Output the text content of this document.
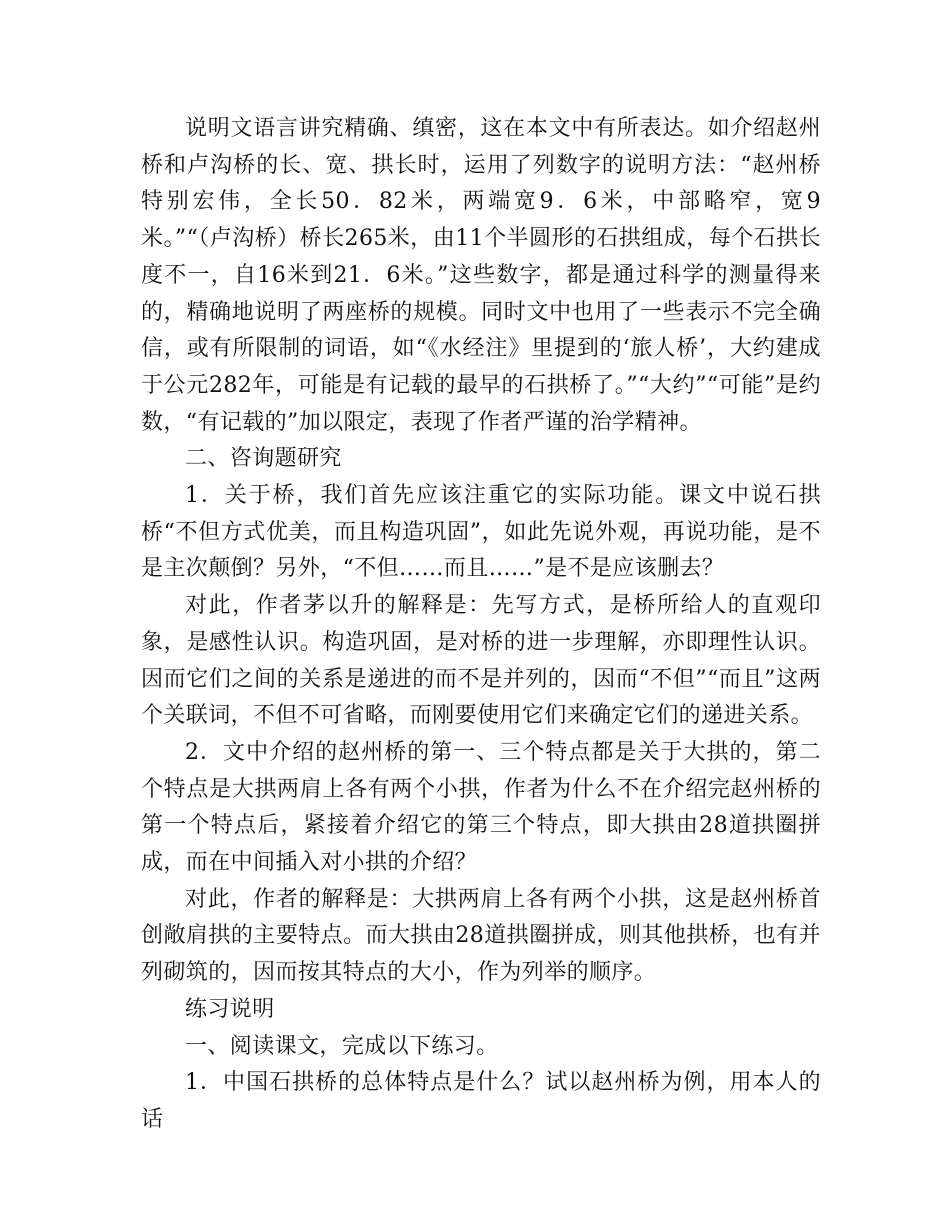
说明文语言讲究精确、缜密，这在本文中有所表达。如介绍赵州桥和卢沟桥的长、宽、拱长时，运用了列数字的说明方法：“赵州桥特别宏伟，全长50．82米，两端宽9．6米，中部略窄，宽9米。”“（卢沟桥）桥长265米，由11个半圆形的石拱组成，每个石拱长度不一，自16米到21．6米。”这些数字，都是通过科学的测量得来的，精确地说明了两座桥的规模。同时文中也用了一些表示不完全确信，或有所限制的词语，如“《水经注》里提到的‘旅人桥’，大约建成于公元282年，可能是有记载的最早的石拱桥了。”“大约”“可能”是约数，“有记载的”加以限定，表现了作者严谨的治学精神。

二、咨询题研究

1．关于桥，我们首先应该注重它的实际功能。课文中说石拱桥“不但方式优美，而且构造巩固”，如此先说外观，再说功能，是不是主次颠倒？另外，“不但……而且……”是不是应该删去？

对此，作者茅以升的解释是：先写方式，是桥所给人的直观印象，是感性认识。构造巩固，是对桥的进一步理解，亦即理性认识。因而它们之间的关系是递进的而不是并列的，因而“不但”“而且”这两个关联词，不但不可省略，而刚要使用它们来确定它们的递进关系。

2．文中介绍的赵州桥的第一、三个特点都是关于大拱的，第二个特点是大拱两肩上各有两个小拱，作者为什么不在介绍完赵州桥的第一个特点后，紧接着介绍它的第三个特点，即大拱由28道拱圈拼成，而在中间插入对小拱的介绍？

对此，作者的解释是：大拱两肩上各有两个小拱，这是赵州桥首创敞肩拱的主要特点。而大拱由28道拱圈拼成，则其他拱桥，也有并列砌筑的，因而按其特点的大小，作为列举的顺序。

练习说明

一、阅读课文，完成以下练习。

1．中国石拱桥的总体特点是什么？试以赵州桥为例，用本人的话
